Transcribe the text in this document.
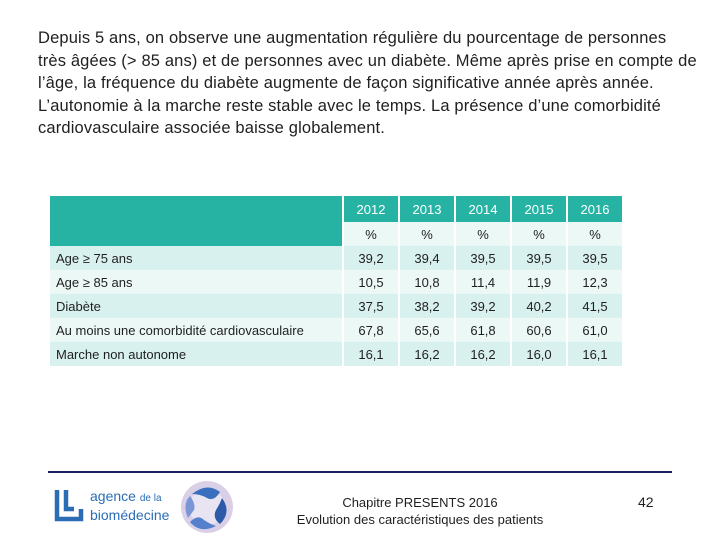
Depuis 5 ans, on observe une augmentation régulière du pourcentage de personnes très âgées (> 85 ans) et de personnes avec un diabète. Même après prise en compte de l’âge, la fréquence du diabète augmente de façon significative année après année. L’autonomie à la marche reste stable avec le temps. La présence d’une comorbidité cardiovasculaire associée baisse globalement.
	2012	2013	2014	2015	2016
	%	%	%	%	%
Age ≥ 75 ans	39,2	39,4	39,5	39,5	39,5
Age ≥ 85 ans	10,5	10,8	11,4	11,9	12,3
Diabète	37,5	38,2	39,2	40,2	41,5
Au moins une comorbidité cardiovasculaire	67,8	65,6	61,8	60,6	61,0
Marche non autonome	16,1	16,2	16,2	16,0	16,1
agence de la
biomédecine
Chapitre PRESENTS 2016
Evolution des caractéristiques des patients
42
